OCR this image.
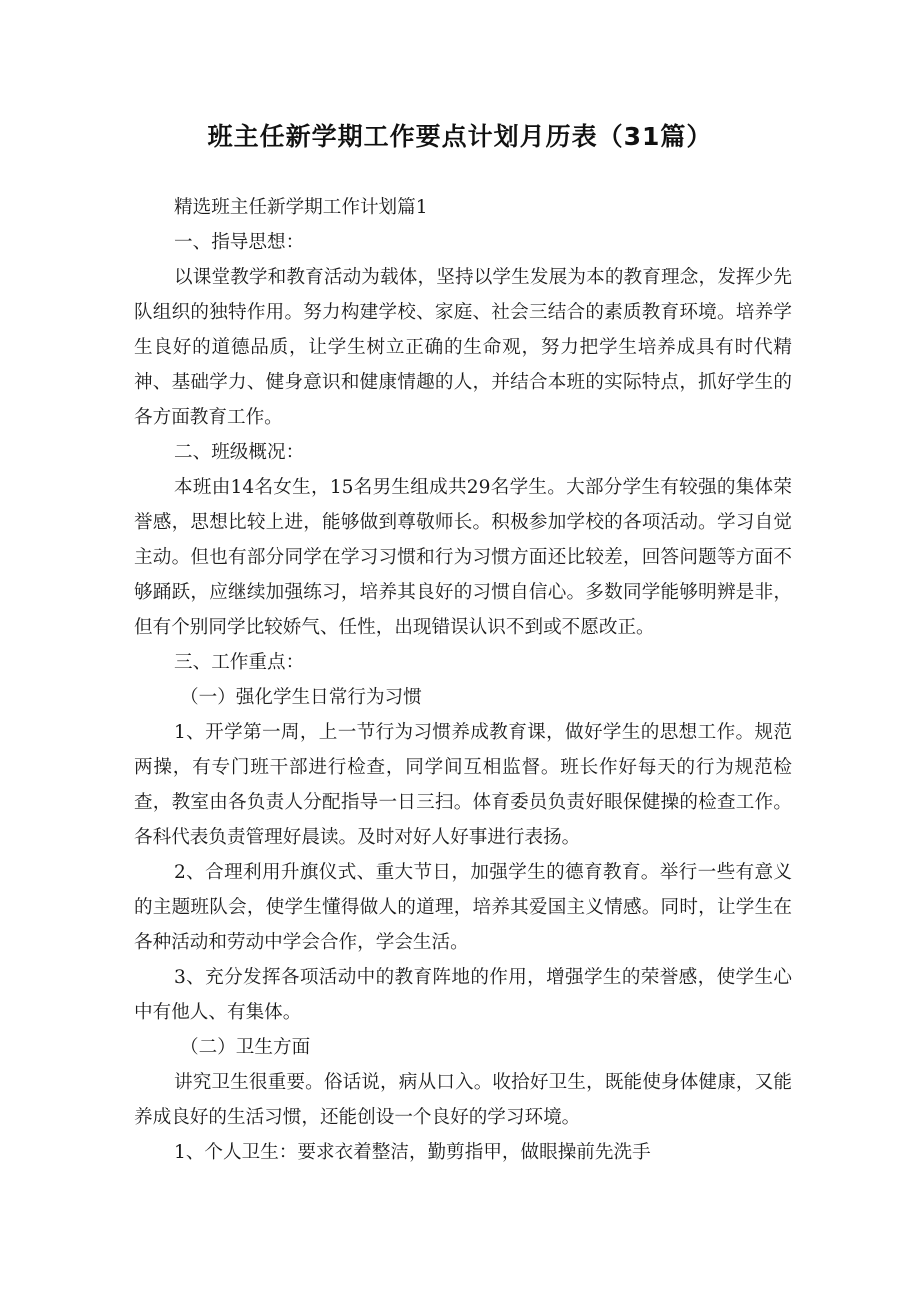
班主任新学期工作要点计划月历表（31篇）

精选班主任新学期工作计划篇1

一、指导思想：

以课堂教学和教育活动为载体，坚持以学生发展为本的教育理念，发挥少先队组织的独特作用。努力构建学校、家庭、社会三结合的素质教育环境。培养学生良好的道德品质，让学生树立正确的生命观，努力把学生培养成具有时代精神、基础学力、健身意识和健康情趣的人，并结合本班的实际特点，抓好学生的各方面教育工作。

二、班级概况：

本班由14名女生，15名男生组成共29名学生。大部分学生有较强的集体荣誉感，思想比较上进，能够做到尊敬师长。积极参加学校的各项活动。学习自觉主动。但也有部分同学在学习习惯和行为习惯方面还比较差，回答问题等方面不够踊跃，应继续加强练习，培养其良好的习惯自信心。多数同学能够明辨是非，但有个别同学比较娇气、任性，出现错误认识不到或不愿改正。

三、工作重点：

（一）强化学生日常行为习惯

1、开学第一周，上一节行为习惯养成教育课，做好学生的思想工作。规范两操，有专门班干部进行检查，同学间互相监督。班长作好每天的行为规范检查，教室由各负责人分配指导一日三扫。体育委员负责好眼保健操的检查工作。各科代表负责管理好晨读。及时对好人好事进行表扬。

2、合理利用升旗仪式、重大节日，加强学生的德育教育。举行一些有意义的主题班队会，使学生懂得做人的道理，培养其爱国主义情感。同时，让学生在各种活动和劳动中学会合作，学会生活。

3、充分发挥各项活动中的教育阵地的作用，增强学生的荣誉感，使学生心中有他人、有集体。

（二）卫生方面

讲究卫生很重要。俗话说，病从口入。收拾好卫生，既能使身体健康，又能养成良好的生活习惯，还能创设一个良好的学习环境。

1、个人卫生：要求衣着整洁，勤剪指甲，做眼操前先洗手
